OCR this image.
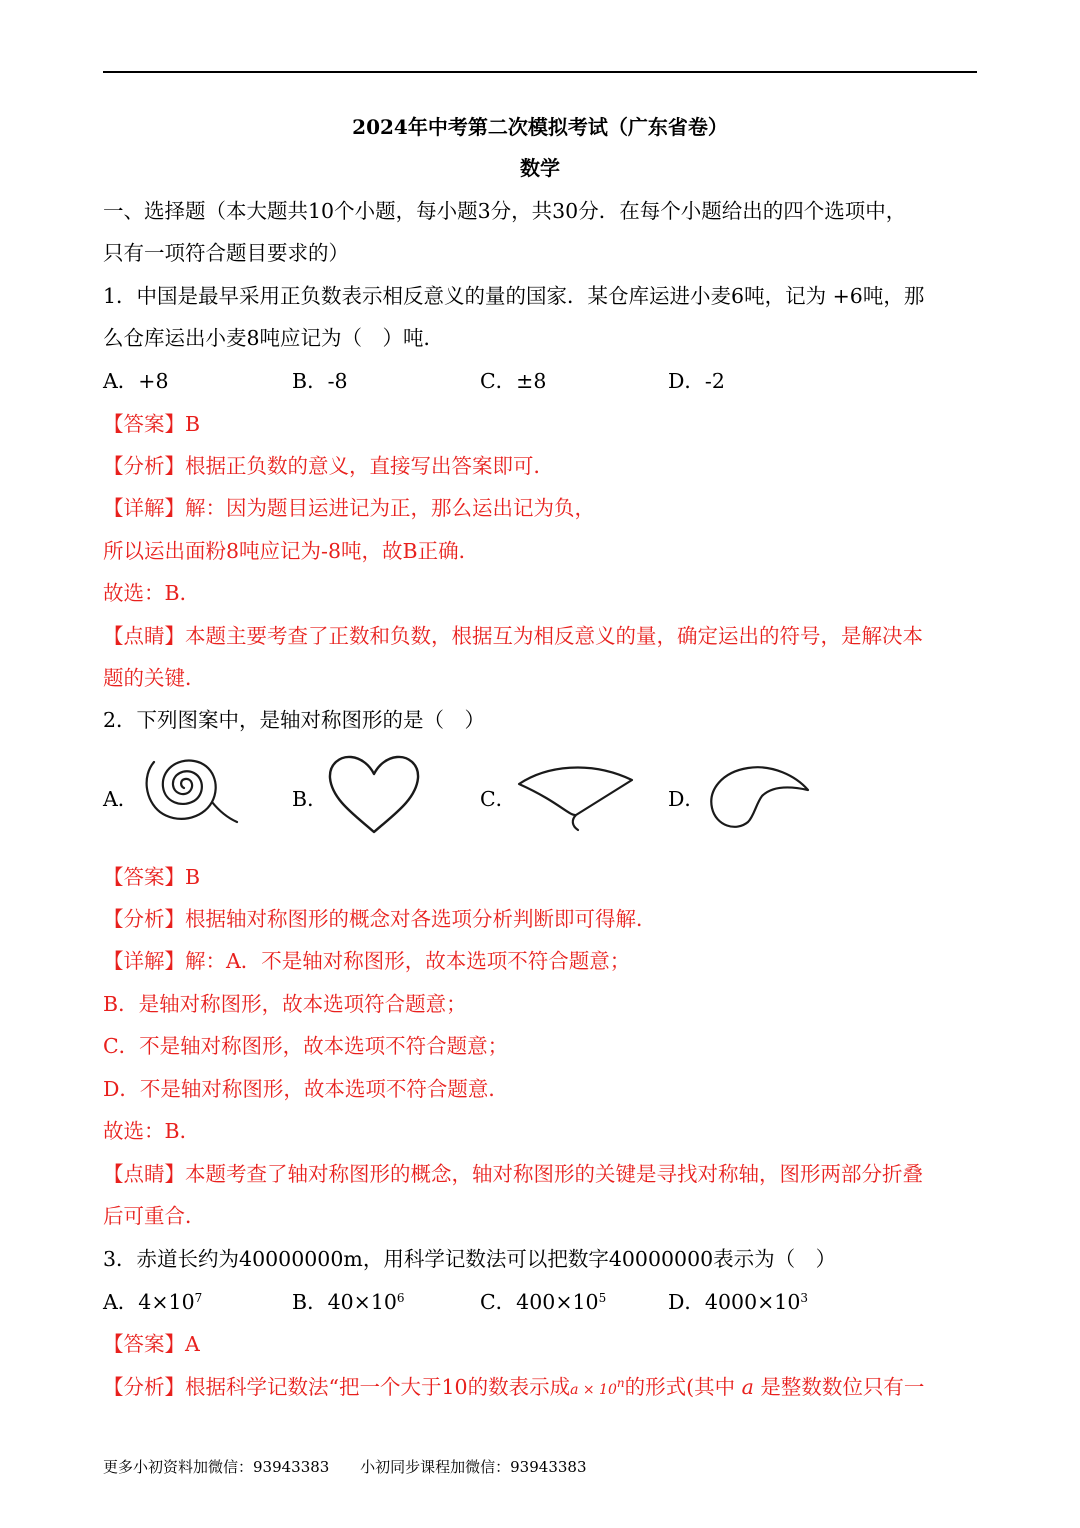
2024年中考第二次模拟考试（广东省卷）
数学
一、选择题（本大题共10个小题，每小题3分，共30分．在每个小题给出的四个选项中，
只有一项符合题目要求的）
1．中国是最早采用正负数表示相反意义的量的国家．某仓库运进小麦6吨，记为 +6吨，那
么仓库运出小麦8吨应记为（　）吨．
A．+8	B．-8	C．±8	D．-2
【答案】B
【分析】根据正负数的意义，直接写出答案即可．
【详解】解：因为题目运进记为正，那么运出记为负，
所以运出面粉8吨应记为-8吨，故B正确．
故选：B．
【点睛】本题主要考查了正数和负数，根据互为相反意义的量，确定运出的符号，是解决本
题的关键．
2．下列图案中，是轴对称图形的是（　）
A．	B．	C．	D．
【答案】B
【分析】根据轴对称图形的概念对各选项分析判断即可得解．
【详解】解：A．不是轴对称图形，故本选项不符合题意；
B．是轴对称图形，故本选项符合题意；
C．不是轴对称图形，故本选项不符合题意；
D．不是轴对称图形，故本选项不符合题意．
故选：B．
【点睛】本题考查了轴对称图形的概念，轴对称图形的关键是寻找对称轴，图形两部分折叠
后可重合．
3．赤道长约为40000000m，用科学记数法可以把数字40000000表示为（　）
A．$4\times 10^7$	B．$40\times 10^6$	C．$400\times 10^5$	D．$4000\times 10^3$
【答案】A
【分析】根据科学记数法“把一个大于10的数表示成$a \times 10^n$的形式(其中 a 是整数数位只有一
更多小初资料加微信：93943383 小初同步课程加微信：93943383
